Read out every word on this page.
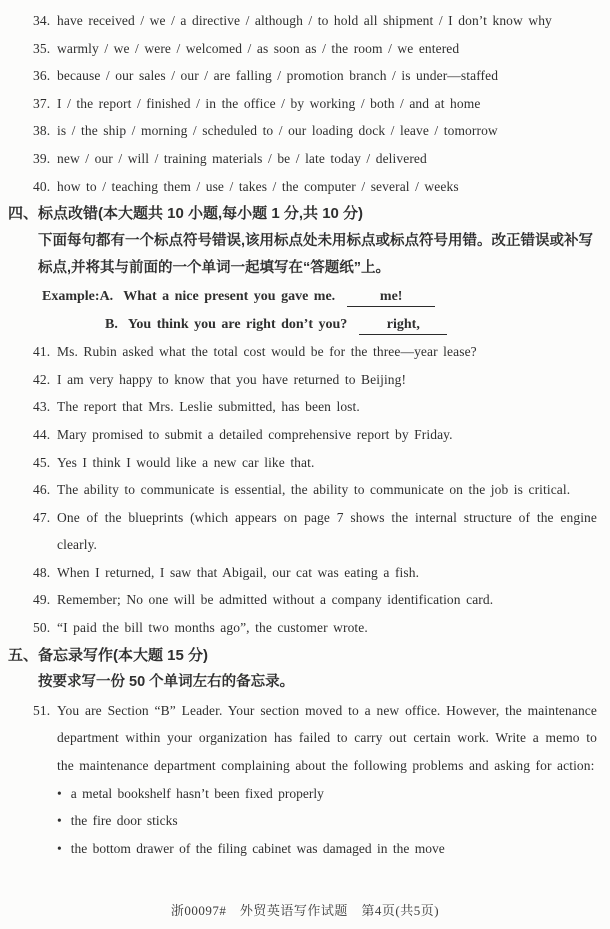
34. have received / we / a directive / although / to hold all shipment / I don’t know why
35. warmly / we / were / welcomed / as soon as / the room / we entered
36. because / our sales / our / are falling / promotion branch / is under—staffed
37. I / the report / finished / in the office / by working / both / and at home
38. is / the ship / morning / scheduled to / our loading dock / leave / tomorrow
39. new / our / will / training materials / be / late today / delivered
40. how to / teaching them / use / takes / the computer / several / weeks
四、标点改错(本大题共 10 小题,每小题 1 分,共 10 分)
下面每句都有一个标点符号错误,该用标点处未用标点或标点符号用错。改正错误或补写
标点,并将其与前面的一个单词一起填写在“答题纸”上。
Example:A. What a nice present you gave me.	me!
B. You think you are right don’t you?	right,
41. Ms. Rubin asked what the total cost would be for the three—year lease?
42. I am very happy to know that you have returned to Beijing!
43. The report that Mrs. Leslie submitted, has been lost.
44. Mary promised to submit a detailed comprehensive report by Friday.
45. Yes I think I would like a new car like that.
46. The ability to communicate is essential, the ability to communicate on the job is critical.
47. One of the blueprints (which appears on page 7 shows the internal structure of the engine clearly.
48. When I returned, I saw that Abigail, our cat was eating a fish.
49. Remember; No one will be admitted without a company identification card.
50. “I paid the bill two months ago”, the customer wrote.
五、备忘录写作(本大题 15 分)
按要求写一份 50 个单词左右的备忘录。
51. You are Section “B” Leader. Your section moved to a new office. However, the maintenance department within your organization has failed to carry out certain work. Write a memo to the maintenance department complaining about the following problems and asking for action:
• a metal bookshelf hasn’t been fixed properly
• the fire door sticks
• the bottom drawer of the filing cabinet was damaged in the move
浙00097#　外贸英语写作试题　第4页(共5页)
